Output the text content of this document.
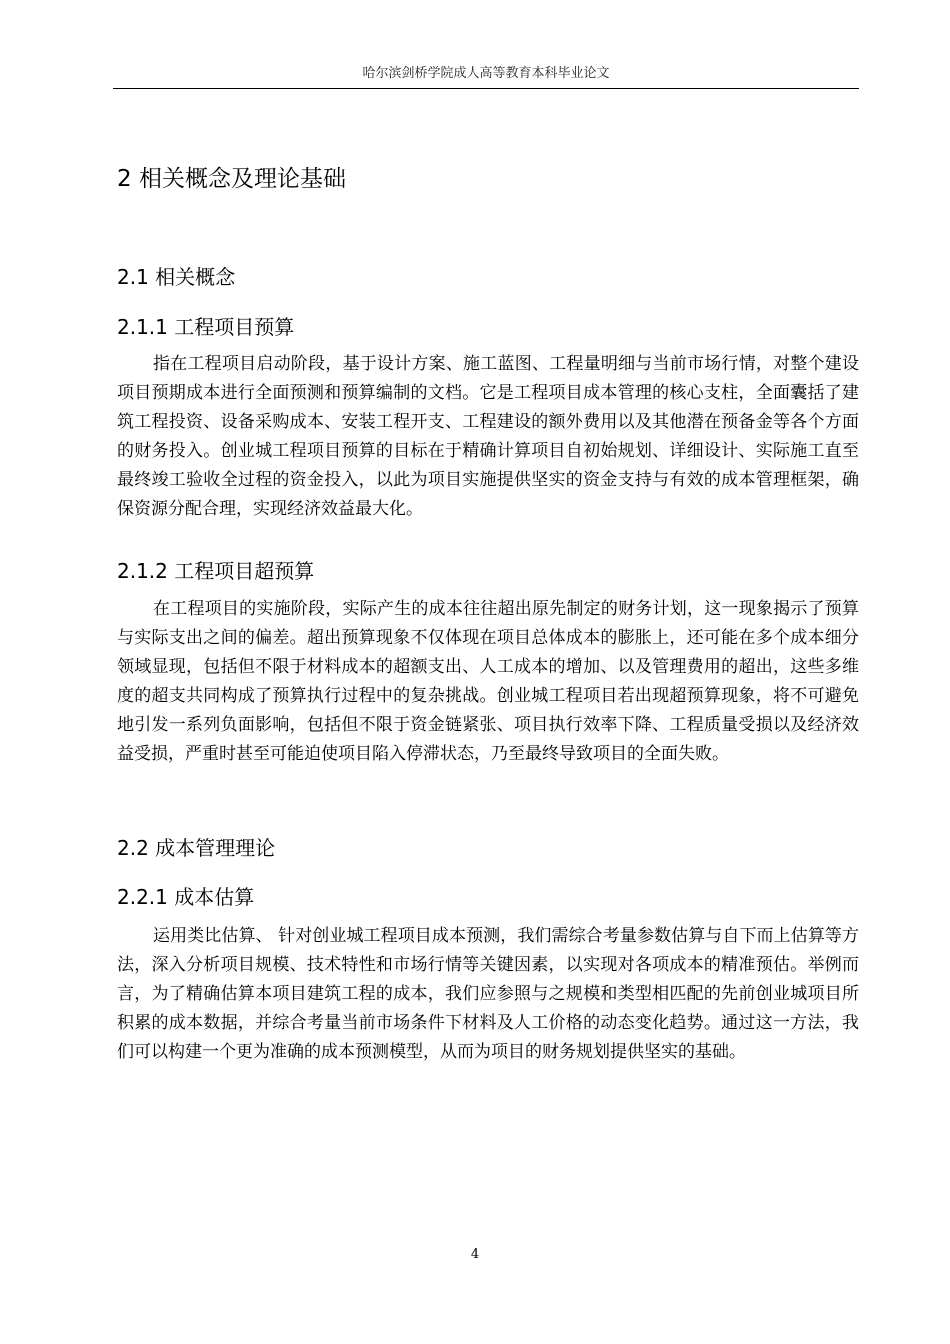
哈尔滨剑桥学院成人高等教育本科毕业论文
2 相关概念及理论基础
2.1 相关概念
2.1.1 工程项目预算

指在工程项目启动阶段，基于设计方案、施工蓝图、工程量明细与当前市场行情，对整个建设项目预期成本进行全面预测和预算编制的文档。它是工程项目成本管理的核心支柱，全面囊括了建筑工程投资、设备采购成本、安装工程开支、工程建设的额外费用以及其他潜在预备金等各个方面的财务投入。创业城工程项目预算的目标在于精确计算项目自初始规划、详细设计、实际施工直至最终竣工验收全过程的资金投入，以此为项目实施提供坚实的资金支持与有效的成本管理框架，确保资源分配合理，实现经济效益最大化。

2.1.2 工程项目超预算

在工程项目的实施阶段，实际产生的成本往往超出原先制定的财务计划，这一现象揭示了预算与实际支出之间的偏差。超出预算现象不仅体现在项目总体成本的膨胀上，还可能在多个成本细分领域显现，包括但不限于材料成本的超额支出、人工成本的增加、以及管理费用的超出，这些多维度的超支共同构成了预算执行过程中的复杂挑战。创业城工程项目若出现超预算现象，将不可避免地引发一系列负面影响，包括但不限于资金链紧张、项目执行效率下降、工程质量受损以及经济效益受损，严重时甚至可能迫使项目陷入停滞状态，乃至最终导致项目的全面失败。

2.2 成本管理理论
2.2.1 成本估算

运用类比估算、 针对创业城工程项目成本预测，我们需综合考量参数估算与自下而上估算等方法，深入分析项目规模、技术特性和市场行情等关键因素，以实现对各项成本的精准预估。举例而言，为了精确估算本项目建筑工程的成本，我们应参照与之规模和类型相匹配的先前创业城项目所积累的成本数据，并综合考量当前市场条件下材料及人工价格的动态变化趋势。通过这一方法，我们可以构建一个更为准确的成本预测模型，从而为项目的财务规划提供坚实的基础。

4
